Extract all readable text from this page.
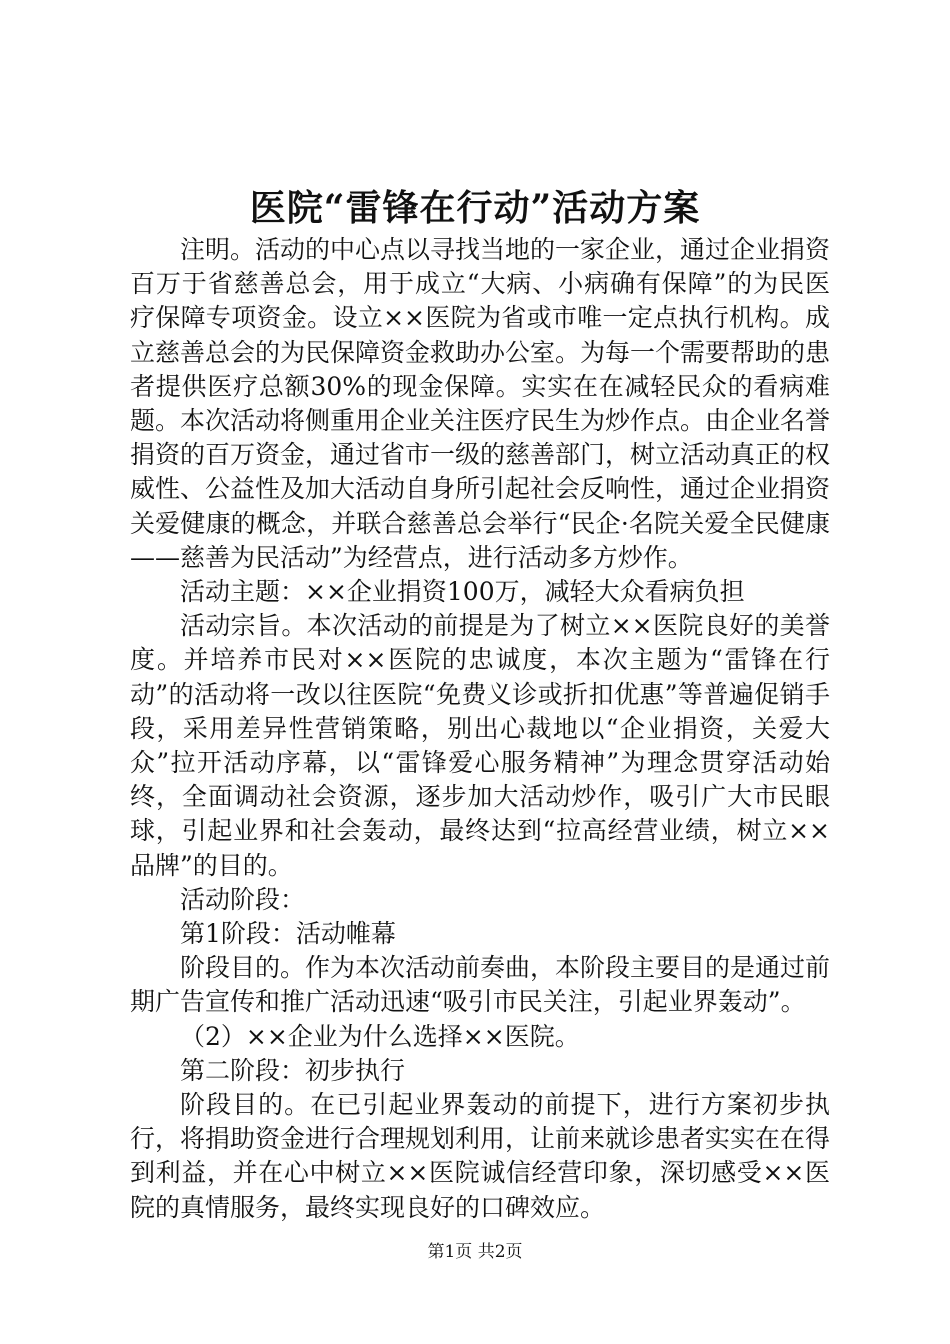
医院“雷锋在行动”活动方案

注明。活动的中心点以寻找当地的一家企业，通过企业捐资百万于省慈善总会，用于成立“大病、小病确有保障”的为民医疗保障专项资金。设立××医院为省或市唯一定点执行机构。成立慈善总会的为民保障资金救助办公室。为每一个需要帮助的患者提供医疗总额30%的现金保障。实实在在减轻民众的看病难题。本次活动将侧重用企业关注医疗民生为炒作点。由企业名誉捐资的百万资金，通过省市一级的慈善部门，树立活动真正的权威性、公益性及加大活动自身所引起社会反响性，通过企业捐资关爱健康的概念，并联合慈善总会举行“民企·名院关爱全民健康——慈善为民活动”为经营点，进行活动多方炒作。

活动主题：××企业捐资100万，减轻大众看病负担

活动宗旨。本次活动的前提是为了树立××医院良好的美誉度。并培养市民对××医院的忠诚度，本次主题为“雷锋在行动”的活动将一改以往医院“免费义诊或折扣优惠”等普遍促销手段，采用差异性营销策略，别出心裁地以“企业捐资，关爱大众”拉开活动序幕，以“雷锋爱心服务精神”为理念贯穿活动始终，全面调动社会资源，逐步加大活动炒作，吸引广大市民眼球，引起业界和社会轰动，最终达到“拉高经营业绩，树立××品牌”的目的。

活动阶段：

第1阶段：活动帷幕

阶段目的。作为本次活动前奏曲，本阶段主要目的是通过前期广告宣传和推广活动迅速“吸引市民关注，引起业界轰动”。

（2）××企业为什么选择××医院。

第二阶段：初步执行

阶段目的。在已引起业界轰动的前提下，进行方案初步执行，将捐助资金进行合理规划利用，让前来就诊患者实实在在得到利益，并在心中树立××医院诚信经营印象，深切感受××医院的真情服务，最终实现良好的口碑效应。

第1页 共2页
